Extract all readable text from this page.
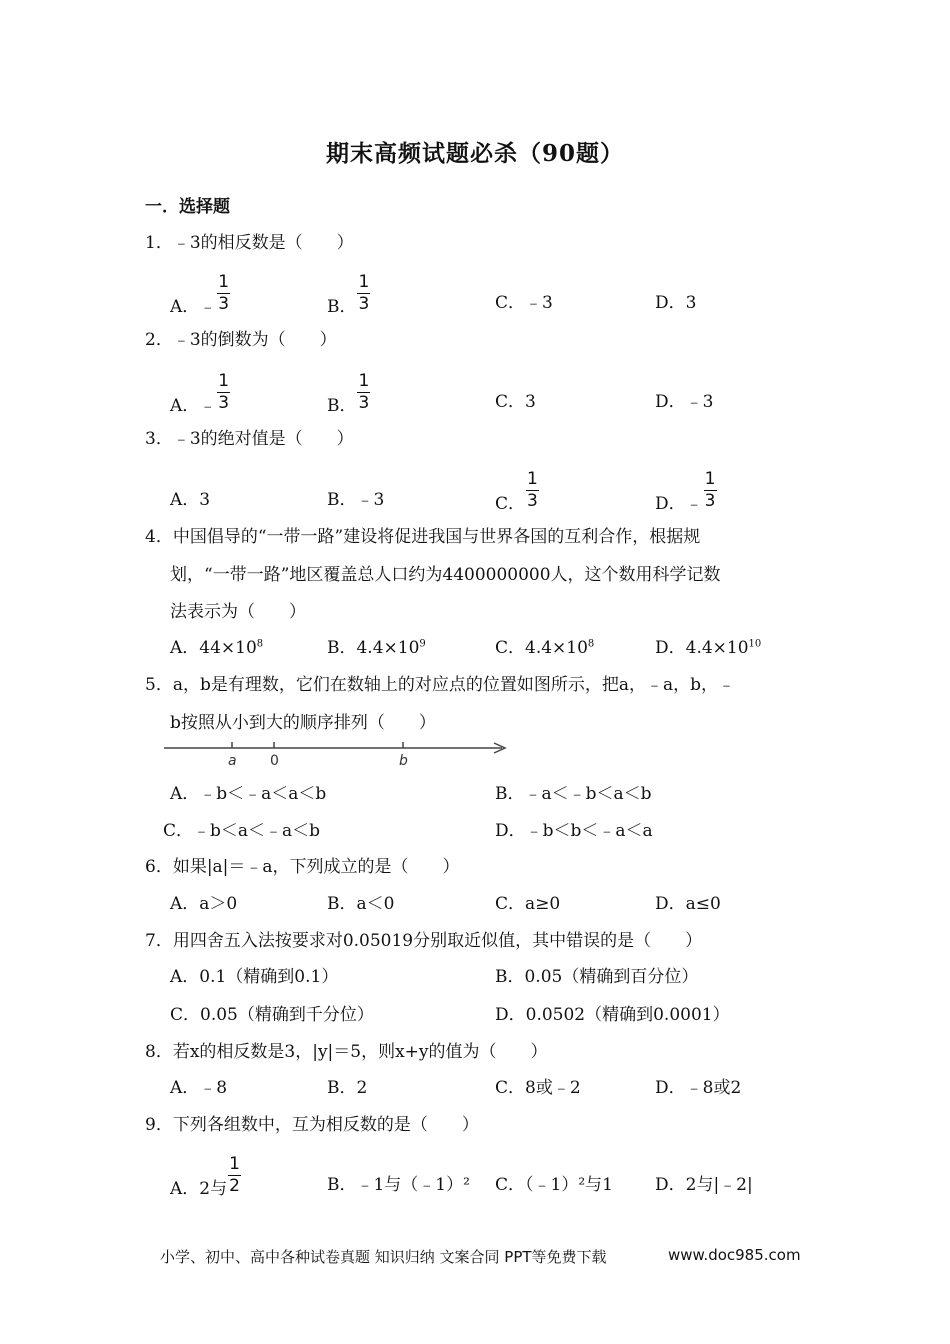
期末高频试题必杀（90题）
一．选择题
1．﹣3的相反数是（　　）
A．﹣ $\frac{1}{3}$	B． $\frac{1}{3}$	C．﹣3	D．3
2．﹣3的倒数为（　　）
A．﹣ $\frac{1}{3}$	B． $\frac{1}{3}$	C．3	D．﹣3
3．﹣3的绝对值是（　　）
A．3	B．﹣3	C． $\frac{1}{3}$	D．﹣ $\frac{1}{3}$
4．中国倡导的“一带一路”建设将促进我国与世界各国的互利合作，根据规
划，“一带一路”地区覆盖总人口约为4400000000人，这个数用科学记数
法表示为（　　）
A．$44\times 10^8$	B．$4.4\times 10^9$	C．$4.4\times 10^8$	D．$4.4\times 10^{10}$
5．a，b是有理数，它们在数轴上的对应点的位置如图所示，把a，﹣a，b，﹣
b按照从小到大的顺序排列（　　）
a 0	b
A．﹣b＜﹣a＜a＜b	B．﹣a＜﹣b＜a＜b
C．﹣b＜a＜﹣a＜b	D．﹣b＜b＜﹣a＜a
6．如果|a|＝﹣a，下列成立的是（　　）
A．a＞0	B．a＜0	C．a≥0	D．a≤0
7．用四舍五入法按要求对0.05019分别取近似值，其中错误的是（　　）
A．0.1（精确到0.1）	B．0.05（精确到百分位）
C．0.05（精确到千分位）	D．0.0502（精确到0.0001）
8．若x的相反数是3，|y|＝5，则x+y的值为（　　）
A．﹣8	B．2	C．8或﹣2	D．﹣8或2
9．下列各组数中，互为相反数的是（　　）
A．2与 $\frac{1}{2}$	B．﹣1与（﹣1）² C．（﹣1）²与1 D．2与|﹣2|
小学、初中、高中各种试卷真题 知识归纳 文案合同 PPT等免费下载	www.doc985.com
